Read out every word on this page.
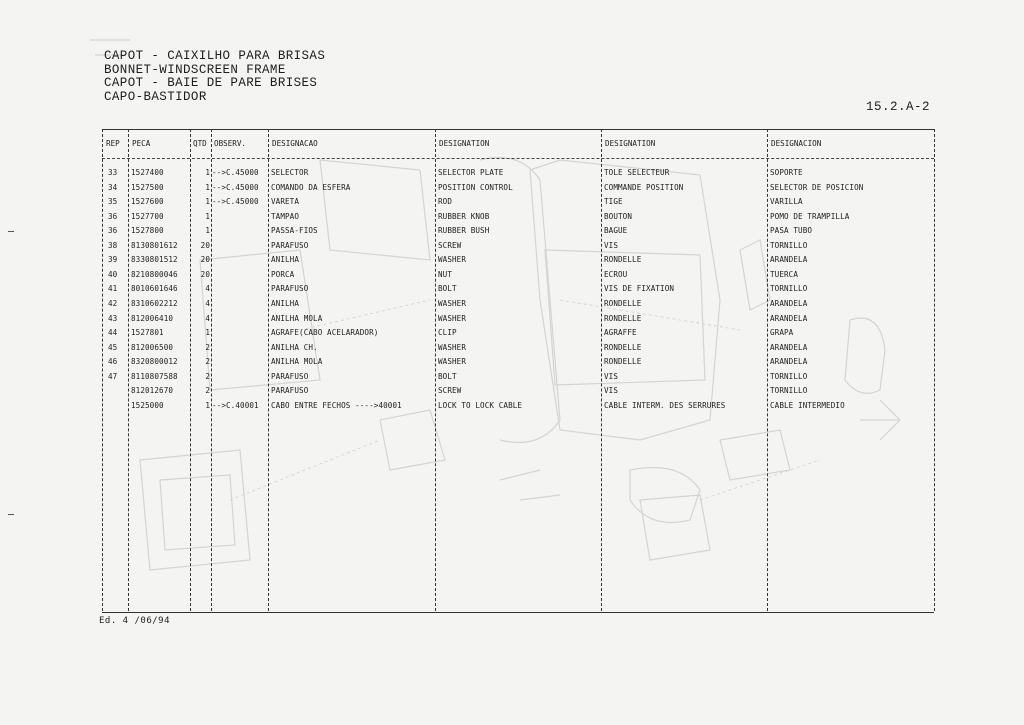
CAPOT - CAIXILHO PARA BRISAS
BONNET-WINDSCREEN FRAME
CAPOT - BAIE DE PARE BRISES
CAPO-BASTIDOR
15.2.A-2
REP PECA	QTD OBSERV.	DESIGNACAO	DESIGNATION	DESIGNATION	DESIGNACION
33 1527400	1 -->C.45000 SELECTOR	SELECTOR PLATE	TOLE SELECTEUR	SOPORTE
34 1527500	1 -->C.45000 COMANDO DA ESFERA	POSITION CONTROL	COMMANDE POSITION	SELECTOR DE POSICION
35 1527600	1 -->C.45000 VARETA	ROD	TIGE	VARILLA
36 1527700	1	TAMPAO	RUBBER KNOB	BOUTON	POMO DE TRAMPILLA
36 1527800	1	PASSA-FIOS	RUBBER BUSH	BAGUE	PASA TUBO
38 8130801612	20	PARAFUSO	SCREW	VIS	TORNILLO
39 8330801512	20	ANILHA	WASHER	RONDELLE	ARANDELA
40 8210800046	20	PORCA	NUT	ECROU	TUERCA
41 8010601646	4	PARAFUSO	BOLT	VIS DE FIXATION	TORNILLO
42 8310602212	4	ANILHA	WASHER	RONDELLE	ARANDELA
43 812006410	4	ANILHA MOLA	WASHER	RONDELLE	ARANDELA
44 1527801	1	AGRAFE(CABO ACELARADOR)	CLIP	AGRAFFE	GRAPA
45 812006500	2	ANILHA CH.	WASHER	RONDELLE	ARANDELA
46 8320800012	2	ANILHA MOLA	WASHER	RONDELLE	ARANDELA
47 8110807588	2	PARAFUSO	BOLT	VIS	TORNILLO
812012670	2	PARAFUSO	SCREW	VIS	TORNILLO
1525000	1 -->C.40001 CABO ENTRE FECHOS ---->40001	LOCK TO LOCK CABLE	CABLE INTERM. DES SERRURES	CABLE INTERMEDIO
Ed. 4 /06/94
